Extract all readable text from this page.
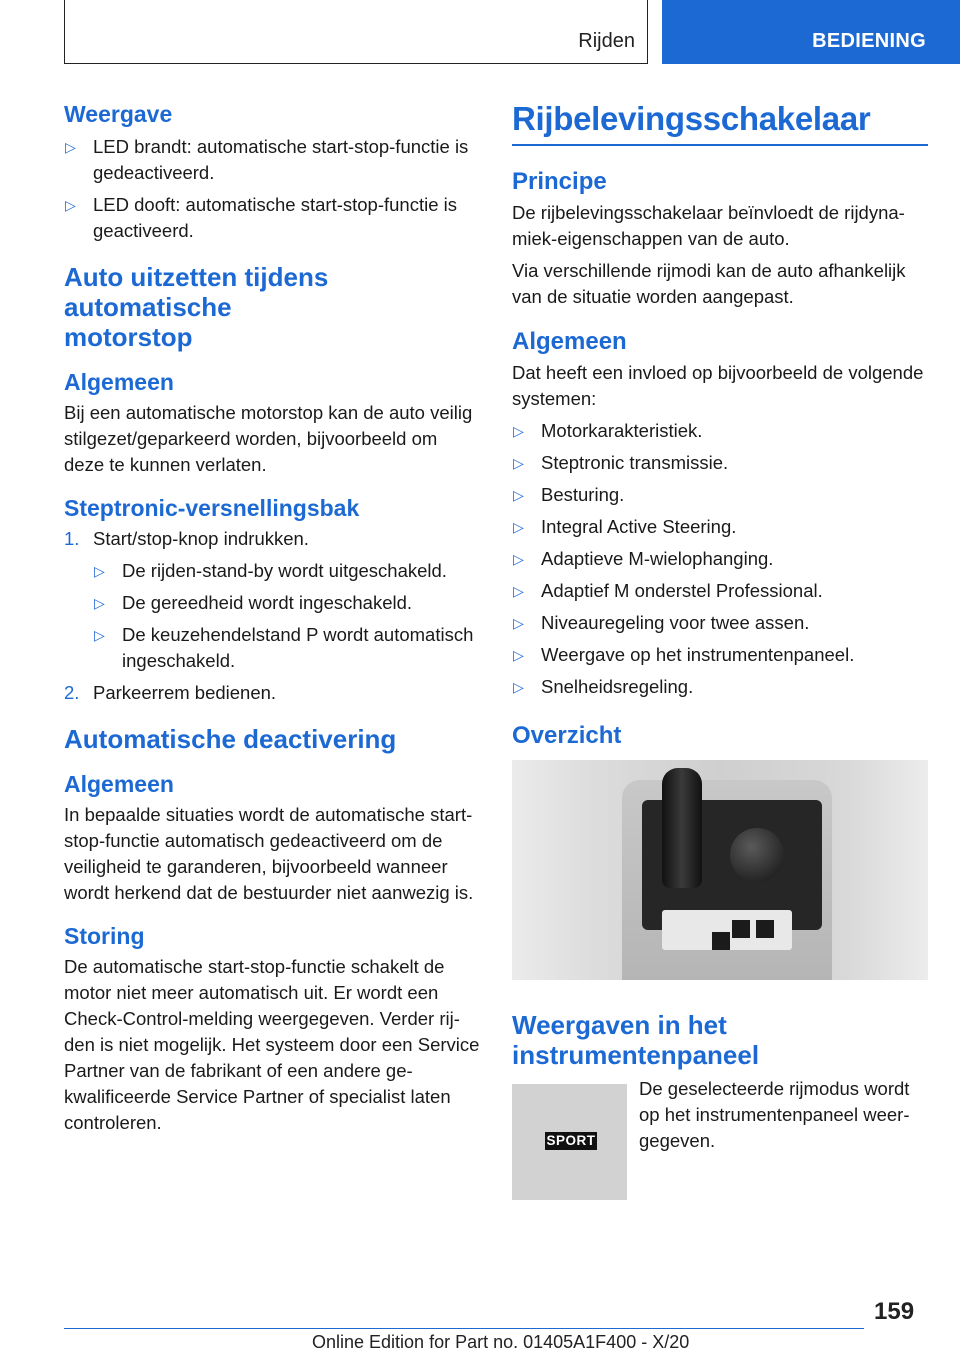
Rijden	BEDIENING
Weergave
▷ LED brandt: automatische start-stop-functie is gedeactiveerd.
▷ LED dooft: automatische start-stop-functie is geactiveerd.
Auto uitzetten tijdens automatische motorstop
Algemeen

Bij een automatische motorstop kan de auto veilig stilgezet/geparkeerd worden, bijvoorbeeld om deze te kunnen verlaten.

Steptronic-versnellingsbak
1. Start/stop-knop indrukken.
▷ De rijden-stand-by wordt uitgeschakeld.
▷ De gereedheid wordt ingeschakeld.
▷ De keuzehendelstand P wordt automatisch ingeschakeld.
2. Parkeerrem bedienen.
Automatische deactivering
Algemeen

In bepaalde situaties wordt de automatische start-stop-functie automatisch gedeactiveerd om de veiligheid te garanderen, bijvoorbeeld wanneer wordt herkend dat de bestuurder niet aanwezig is.

Storing

De automatische start-stop-functie schakelt de motor niet meer automatisch uit. Er wordt een Check-Control-melding weergegeven. Verder rijden is niet mogelijk. Het systeem door een Service Partner van de fabrikant of een andere gekwalificeerde Service Partner of specialist laten controleren.

Rijbelevingsschakelaar
Principe

De rijbelevingsschakelaar beïnvloedt de rijdynamiek-eigenschappen van de auto.

Via verschillende rijmodi kan de auto afhankelijk van de situatie worden aangepast.

Algemeen

Dat heeft een invloed op bijvoorbeeld de volgende systemen:

▷ Motorkarakteristiek.
▷ Steptronic transmissie.
▷ Besturing.
▷ Integral Active Steering.
▷ Adaptieve M-wielophanging.
▷ Adaptief M onderstel Professional.
▷ Niveauregeling voor twee assen.
▷ Weergave op het instrumentenpaneel.
▷ Snelheidsregeling.
Overzicht
Weergaven in het instrumentenpaneel
SPORT

De geselecteerde rijmodus wordt op het instrumentenpaneel weergegeven.

159
Online Edition for Part no. 01405A1F400 - X/20
